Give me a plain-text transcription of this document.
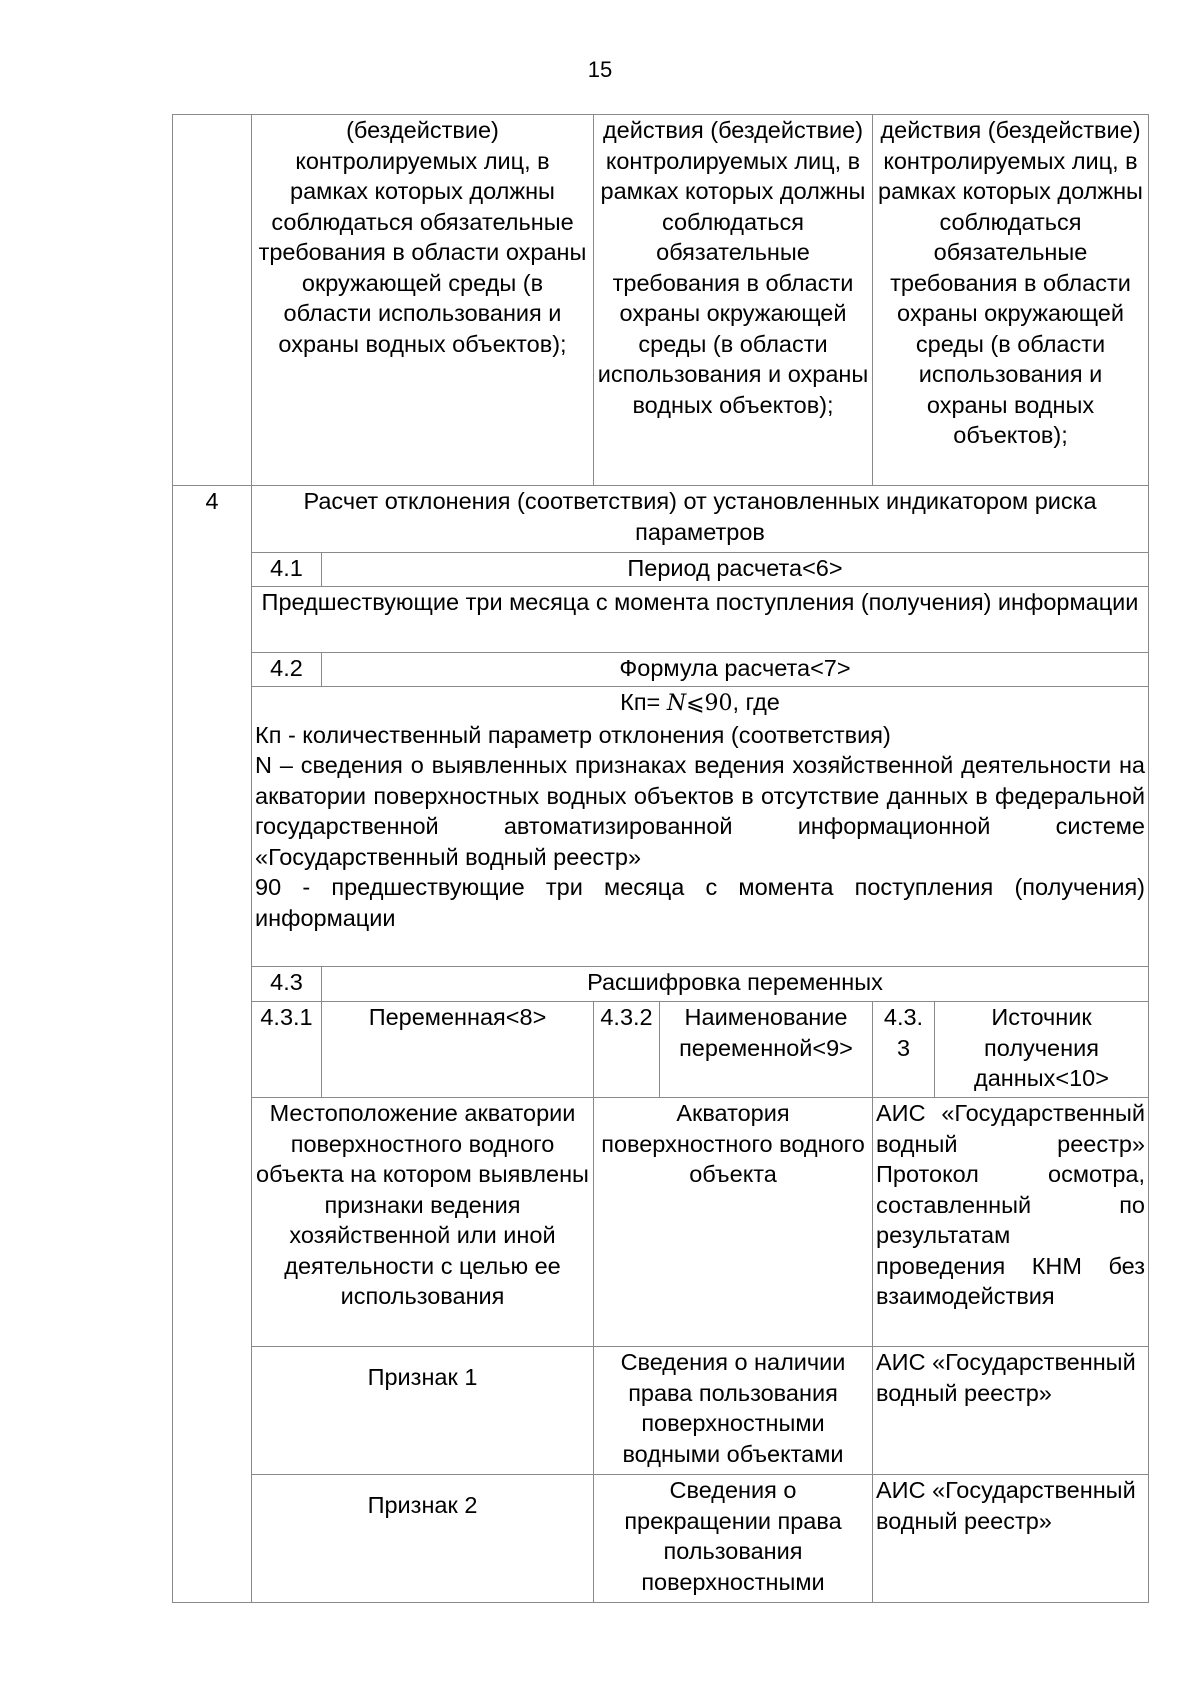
15
	(бездействие) контролируемых лиц, в рамках которых должны соблюдаться обязательные требования в области охраны окружающей среды (в области использования и охраны водных объектов);		действия (бездействие) контролируемых лиц, в рамках которых должны соблюдаться обязательные требования в области охраны окружающей среды (в области использования и охраны водных объектов);		действия (бездействие) контролируемых лиц, в рамках которых должны соблюдаться обязательные требования в области охраны окружающей среды (в области использования и охраны водных объектов);	
4	Расчет отклонения (соответствия) от установленных индикатором риска параметров					
	4.1	Период расчета<6>				
	Предшествующие три месяца с момента поступления (получения) информации					
	4.2	Формула расчета<7>				

	Кп= N⩽90, где
Кп - количественный параметр отклонения (соответствия)
N – сведения о выявленных признаках ведения хозяйственной деятельности на акватории поверхностных водных объектов в отсутствие данных в федеральной государственной автоматизированной информационной системе «Государственный водный реестр»
90 - предшествующие три месяца с момента поступления (получения) информации					

	4.3	Расшифровка переменных				
	4.3.1	Переменная<8>	4.3.2	Наименование переменной<9>	4.3. 3	Источник получения данных<10>
	Местоположение акватории поверхностного водного объекта на котором выявлены признаки ведения хозяйственной или иной деятельности с целью ее использования		Акватория поверхностного водного объекта		АИС «Государственный водный реестр» Протокол осмотра, составленный по результатам проведения КНМ без взаимодействия	
	Признак 1		Сведения о наличии права пользования поверхностными водными объектами		АИС «Государственный водный реестр»	
	Признак 2		Сведения о прекращении права пользования поверхностными		АИС «Государственный водный реестр»	
